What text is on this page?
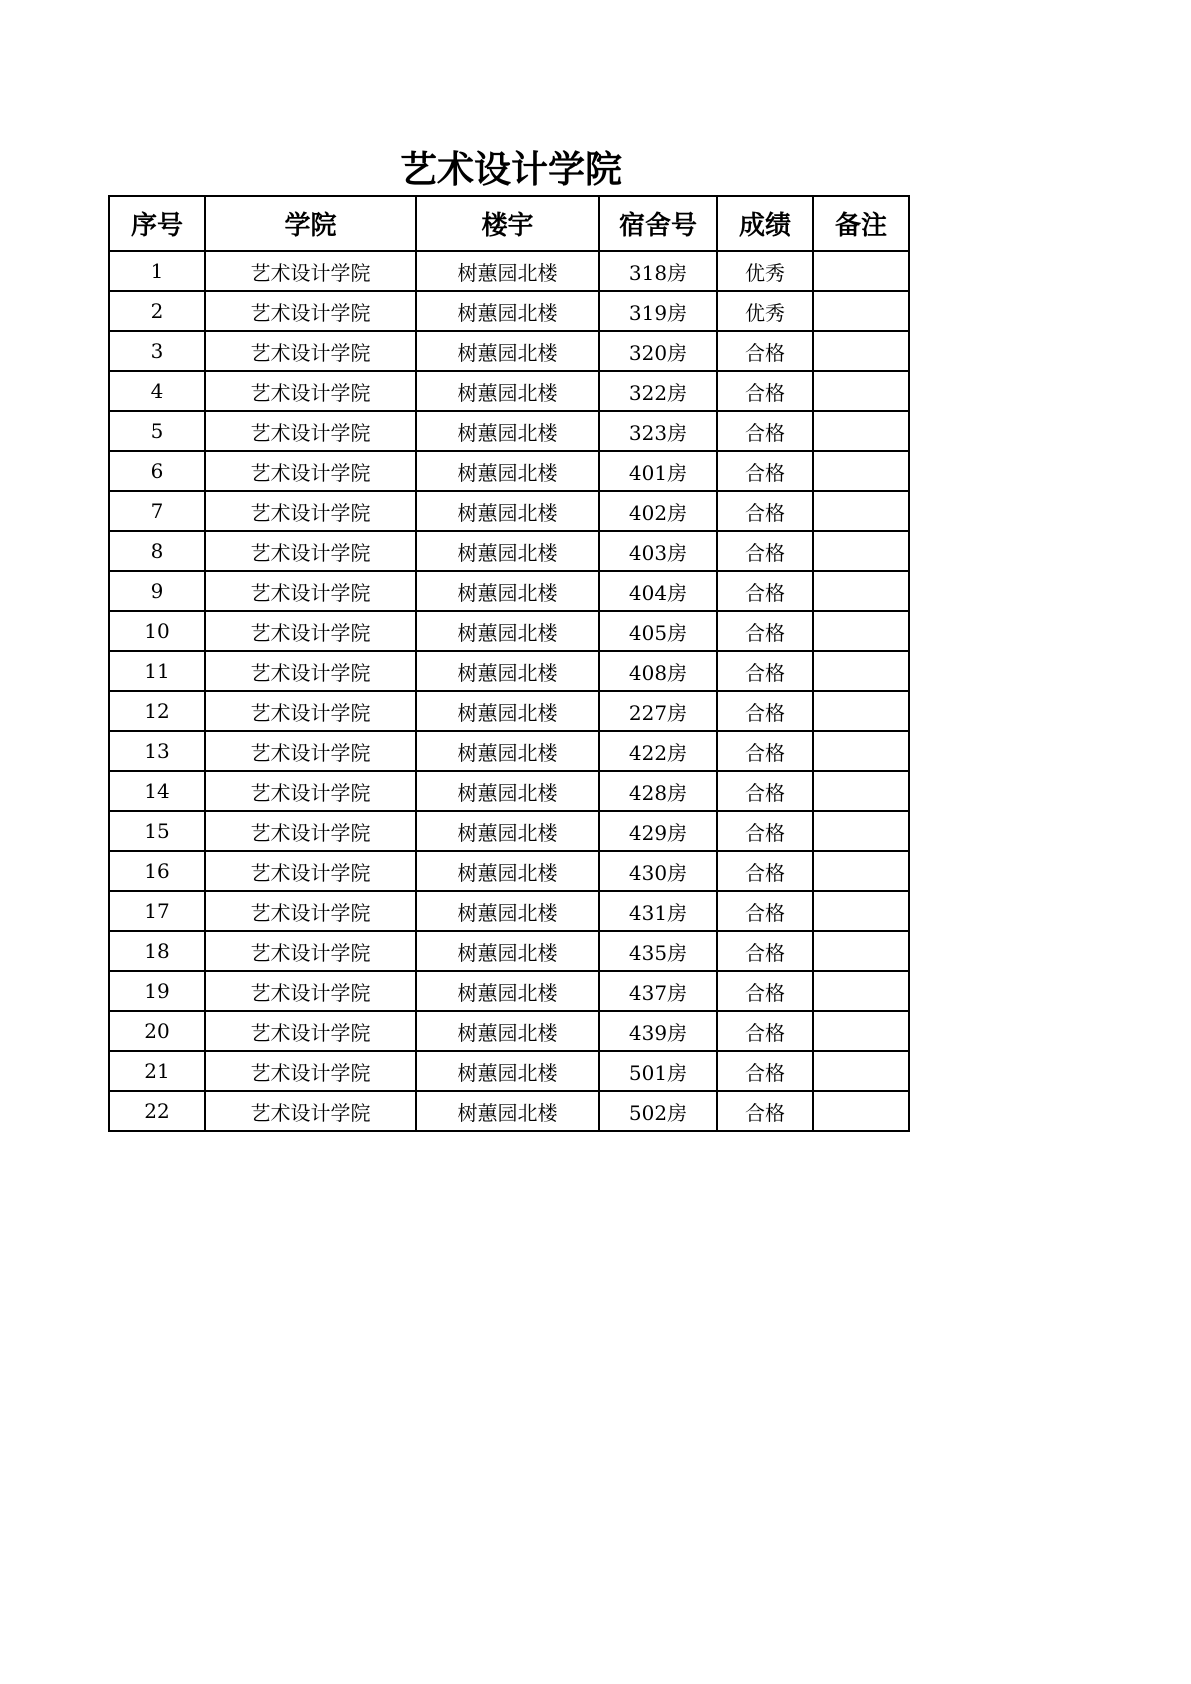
艺术设计学院
序号	学院	楼宇	宿舍号	成绩	备注
1	艺术设计学院	树蕙园北楼	318房	优秀	
2	艺术设计学院	树蕙园北楼	319房	优秀	
3	艺术设计学院	树蕙园北楼	320房	合格	
4	艺术设计学院	树蕙园北楼	322房	合格	
5	艺术设计学院	树蕙园北楼	323房	合格	
6	艺术设计学院	树蕙园北楼	401房	合格	
7	艺术设计学院	树蕙园北楼	402房	合格	
8	艺术设计学院	树蕙园北楼	403房	合格	
9	艺术设计学院	树蕙园北楼	404房	合格	
10	艺术设计学院	树蕙园北楼	405房	合格	
11	艺术设计学院	树蕙园北楼	408房	合格	
12	艺术设计学院	树蕙园北楼	227房	合格	
13	艺术设计学院	树蕙园北楼	422房	合格	
14	艺术设计学院	树蕙园北楼	428房	合格	
15	艺术设计学院	树蕙园北楼	429房	合格	
16	艺术设计学院	树蕙园北楼	430房	合格	
17	艺术设计学院	树蕙园北楼	431房	合格	
18	艺术设计学院	树蕙园北楼	435房	合格	
19	艺术设计学院	树蕙园北楼	437房	合格	
20	艺术设计学院	树蕙园北楼	439房	合格	
21	艺术设计学院	树蕙园北楼	501房	合格	
22	艺术设计学院	树蕙园北楼	502房	合格	
